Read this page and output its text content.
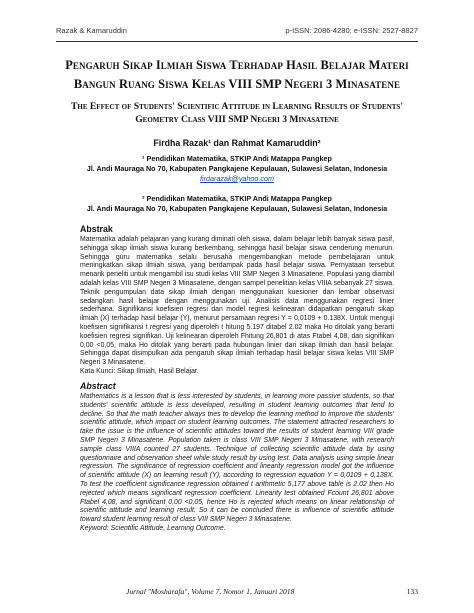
Razak & Kamaruddin	p-ISSN: 2086-4280; e-ISSN: 2527-8827
Pengaruh Sikap Ilmiah Siswa Terhadap Hasil Belajar Materi Bangun Ruang Siswa Kelas VIII SMP Negeri 3 Minasatene
The Effect of Students' Scientific Attitude in Learning Results of Students' Geometry Class VIII SMP Negeri 3 Minasatene
Firdha Razak¹ dan Rahmat Kamaruddin²
¹ Pendidikan Matematika, STKIP Andi Matappa Pangkep
Jl. Andi Mauraga No 70, Kabupaten Pangkajene Kepulauan, Sulawesi Selatan, Indonesia
firdarazak@yahoo.com
² Pendidikan Matematika, STKIP Andi Matappa Pangkep
Jl. Andi Mauraga No 70, Kabupaten Pangkajene Kepulauan, Sulawesi Selatan, Indonesia
Abstrak
Matematika adalah pelajaran yang kurang diminati oleh siswa, dalam belajar lebih banyak siswa pasif, sehingga sikap ilmiah siswa kurang berkembang, sehingga hasil belajar siswa cenderung menurun. Sehingga guru matematika selalu berusaha mengembangkan metode pembelajaran untuk meningkatkan sikap ilmiah siswa, yang berdampak pada hasil belajar siswa. Pernyataan tersebut menarik peneliti untuk mengambil isu studi kelas VIII SMP Negeri 3 Minasatene. Populasi yang diambil adalah kelas VIII SMP Negeri 3 Minasatene, dengan sampel penelitian kelas VIIIA sebanyak 27 siswa. Teknik pengumpulan data sikap ilmiah dengan menggunakan kuesioner dan lembar observasi sedangkan hasil belajar dengan menggunakan uji. Analisis data menggunakan regresi linier sederhana. Signifikansi koefisien regresi dan model regresi kelinearan didapatkan pengaruh sikap ilmiah (X) terhadap hasil belajar (Y), menurut persamaan regresi Y = 0,0109 + 0.138X. Untuk menguji koefisien signifikansi t regresi yang diperoleh t hitung 5.197 ditabel 2.02 maka Ho ditolak yang berarti koefisien regresi signifikan. Uji kelinearan diperoleh Fhitung 26,801 di atas Ftabel 4,08, dan signifikan 0,00 <0,05, maka Ho ditolak yang berarti pada hubungan linier dari sikap ilmiah dan hasil belajar. Sehingga dapat disimpulkan ada pengaruh sikap ilmiah terhadap hasil belajar siswa kelas VIII SMP Negeri 3 Minasatene.
Kata Kunci: Sikap Ilmiah, Hasil Belajar.
Abstract
Mathematics is a lesson that is less interested by students, in learning more passive students, so that students' scientific attitude is less developed, resulting in student learning outcomes that tend to decline. So that the math teacher always tries to develop the learning method to improve the students' scientific attitude, which impact on student learning outcomes. The statement attracted researchers to take the issue is the influence of scientific attitudes toward the results of student learning VIII grade SMP Negeri 3 Minasatene. Population taken is class VIII SMP Negeri 3 Minasatene, with research sample class VIIIA counted 27 students. Technique of collecting scientific attitude data by using questionnaire and observation sheet while study result by using test. Data analysis using simple linear regression. The significance of regression coefficient and linearity regression model got the influence of scientific attitude (X) on learning result (Y), according to regression equation Y = 0,0109 + 0,138X. To test the coefficient significance regression obtained t arithmetic 5,177 above table is 2.02 then Ho rejected which means significant regression coefficient. Linearity test obtained Fcount 26,801 above Ftabel 4,08, and significant 0,00 <0,05, hence Ho is rejected which means on linear relationship of scientific attitude and learning result. So it can be concluded there is influence of scientific attitude toward student learning result of class VIII SMP Negeri 3 Minasatene.
Keyword: Scientific Attitude, Learning Outcome.
Jurnal "Mosharafa", Volume 7, Nomor 1, Januari 2018	133
